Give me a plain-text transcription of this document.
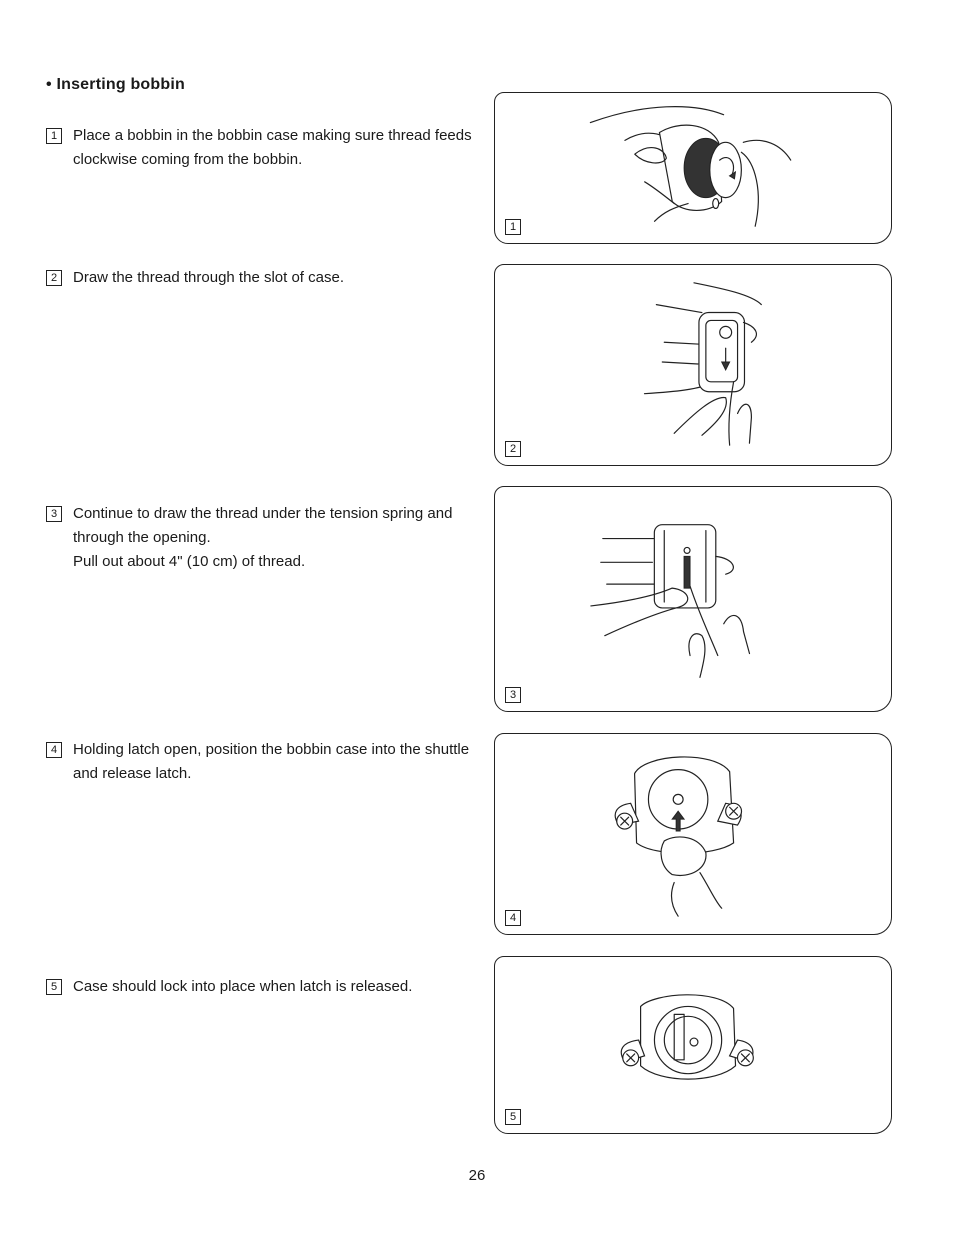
• Inserting bobbin
1	Place a bobbin in the bobbin case making sure thread feeds clockwise coming from the bobbin.
2	Draw the thread through the slot of case.
3	Continue to draw the thread under the tension spring and through the opening.
Pull out about 4" (10 cm) of thread.
4	Holding latch open, position the bobbin case into the shuttle and release latch.
5	Case should lock into place when latch is released.
1
2
3
4
5
26
